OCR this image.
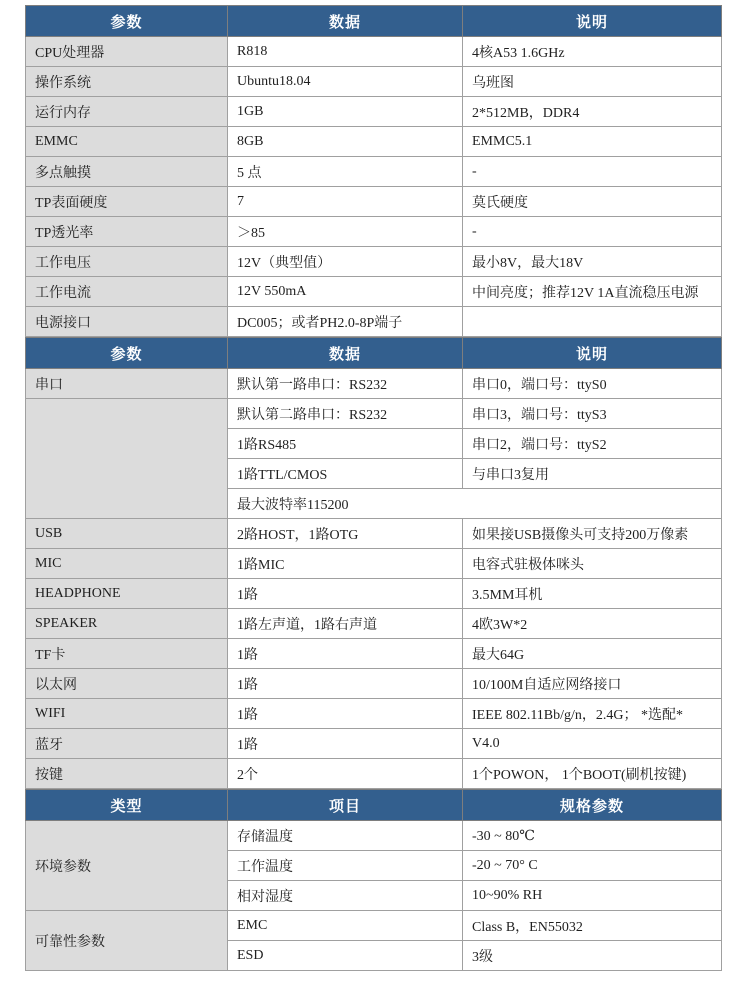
参数	数据	说明
CPU处理器	R818	4核A53 1.6GHz
操作系统	Ubuntu18.04	乌班图
运行内存	1GB	2*512MB，DDR4
EMMC	8GB	EMMC5.1
多点触摸	5 点	-
TP表面硬度	7	莫氏硬度
TP透光率	＞85	-
工作电压	12V（典型值）	最小8V，最大18V
工作电流	12V 550mA	中间亮度；推荐12V 1A直流稳压电源
电源接口	DC005；或者PH2.0-8P端子	
参数	数据	说明
串口	默认第一路串口：RS232	串口0，端口号：ttyS0
	默认第二路串口：RS232	串口3，端口号：ttyS3
	1路RS485	串口2，端口号：ttyS2
	1路TTL/CMOS	与串口3复用
	最大波特率115200	
USB	2路HOST，1路OTG	如果接USB摄像头可支持200万像素
MIC	1路MIC	电容式驻极体咪头
HEADPHONE	1路	3.5MM耳机
SPEAKER	1路左声道，1路右声道	4欧3W*2
TF卡	1路	最大64G
以太网	1路	10/100M自适应网络接口
WIFI	1路	IEEE 802.11Bb/g/n，2.4G； *选配*
蓝牙	1路	V4.0
按键	2个	1个POWON， 1个BOOT(刷机按键)
类型	项目	规格参数
环境参数	存储温度	-30 ~ 80℃
	工作温度	-20 ~ 70° C
	相对湿度	10~90% RH
可靠性参数	EMC	Class B，EN55032
	ESD	3级
